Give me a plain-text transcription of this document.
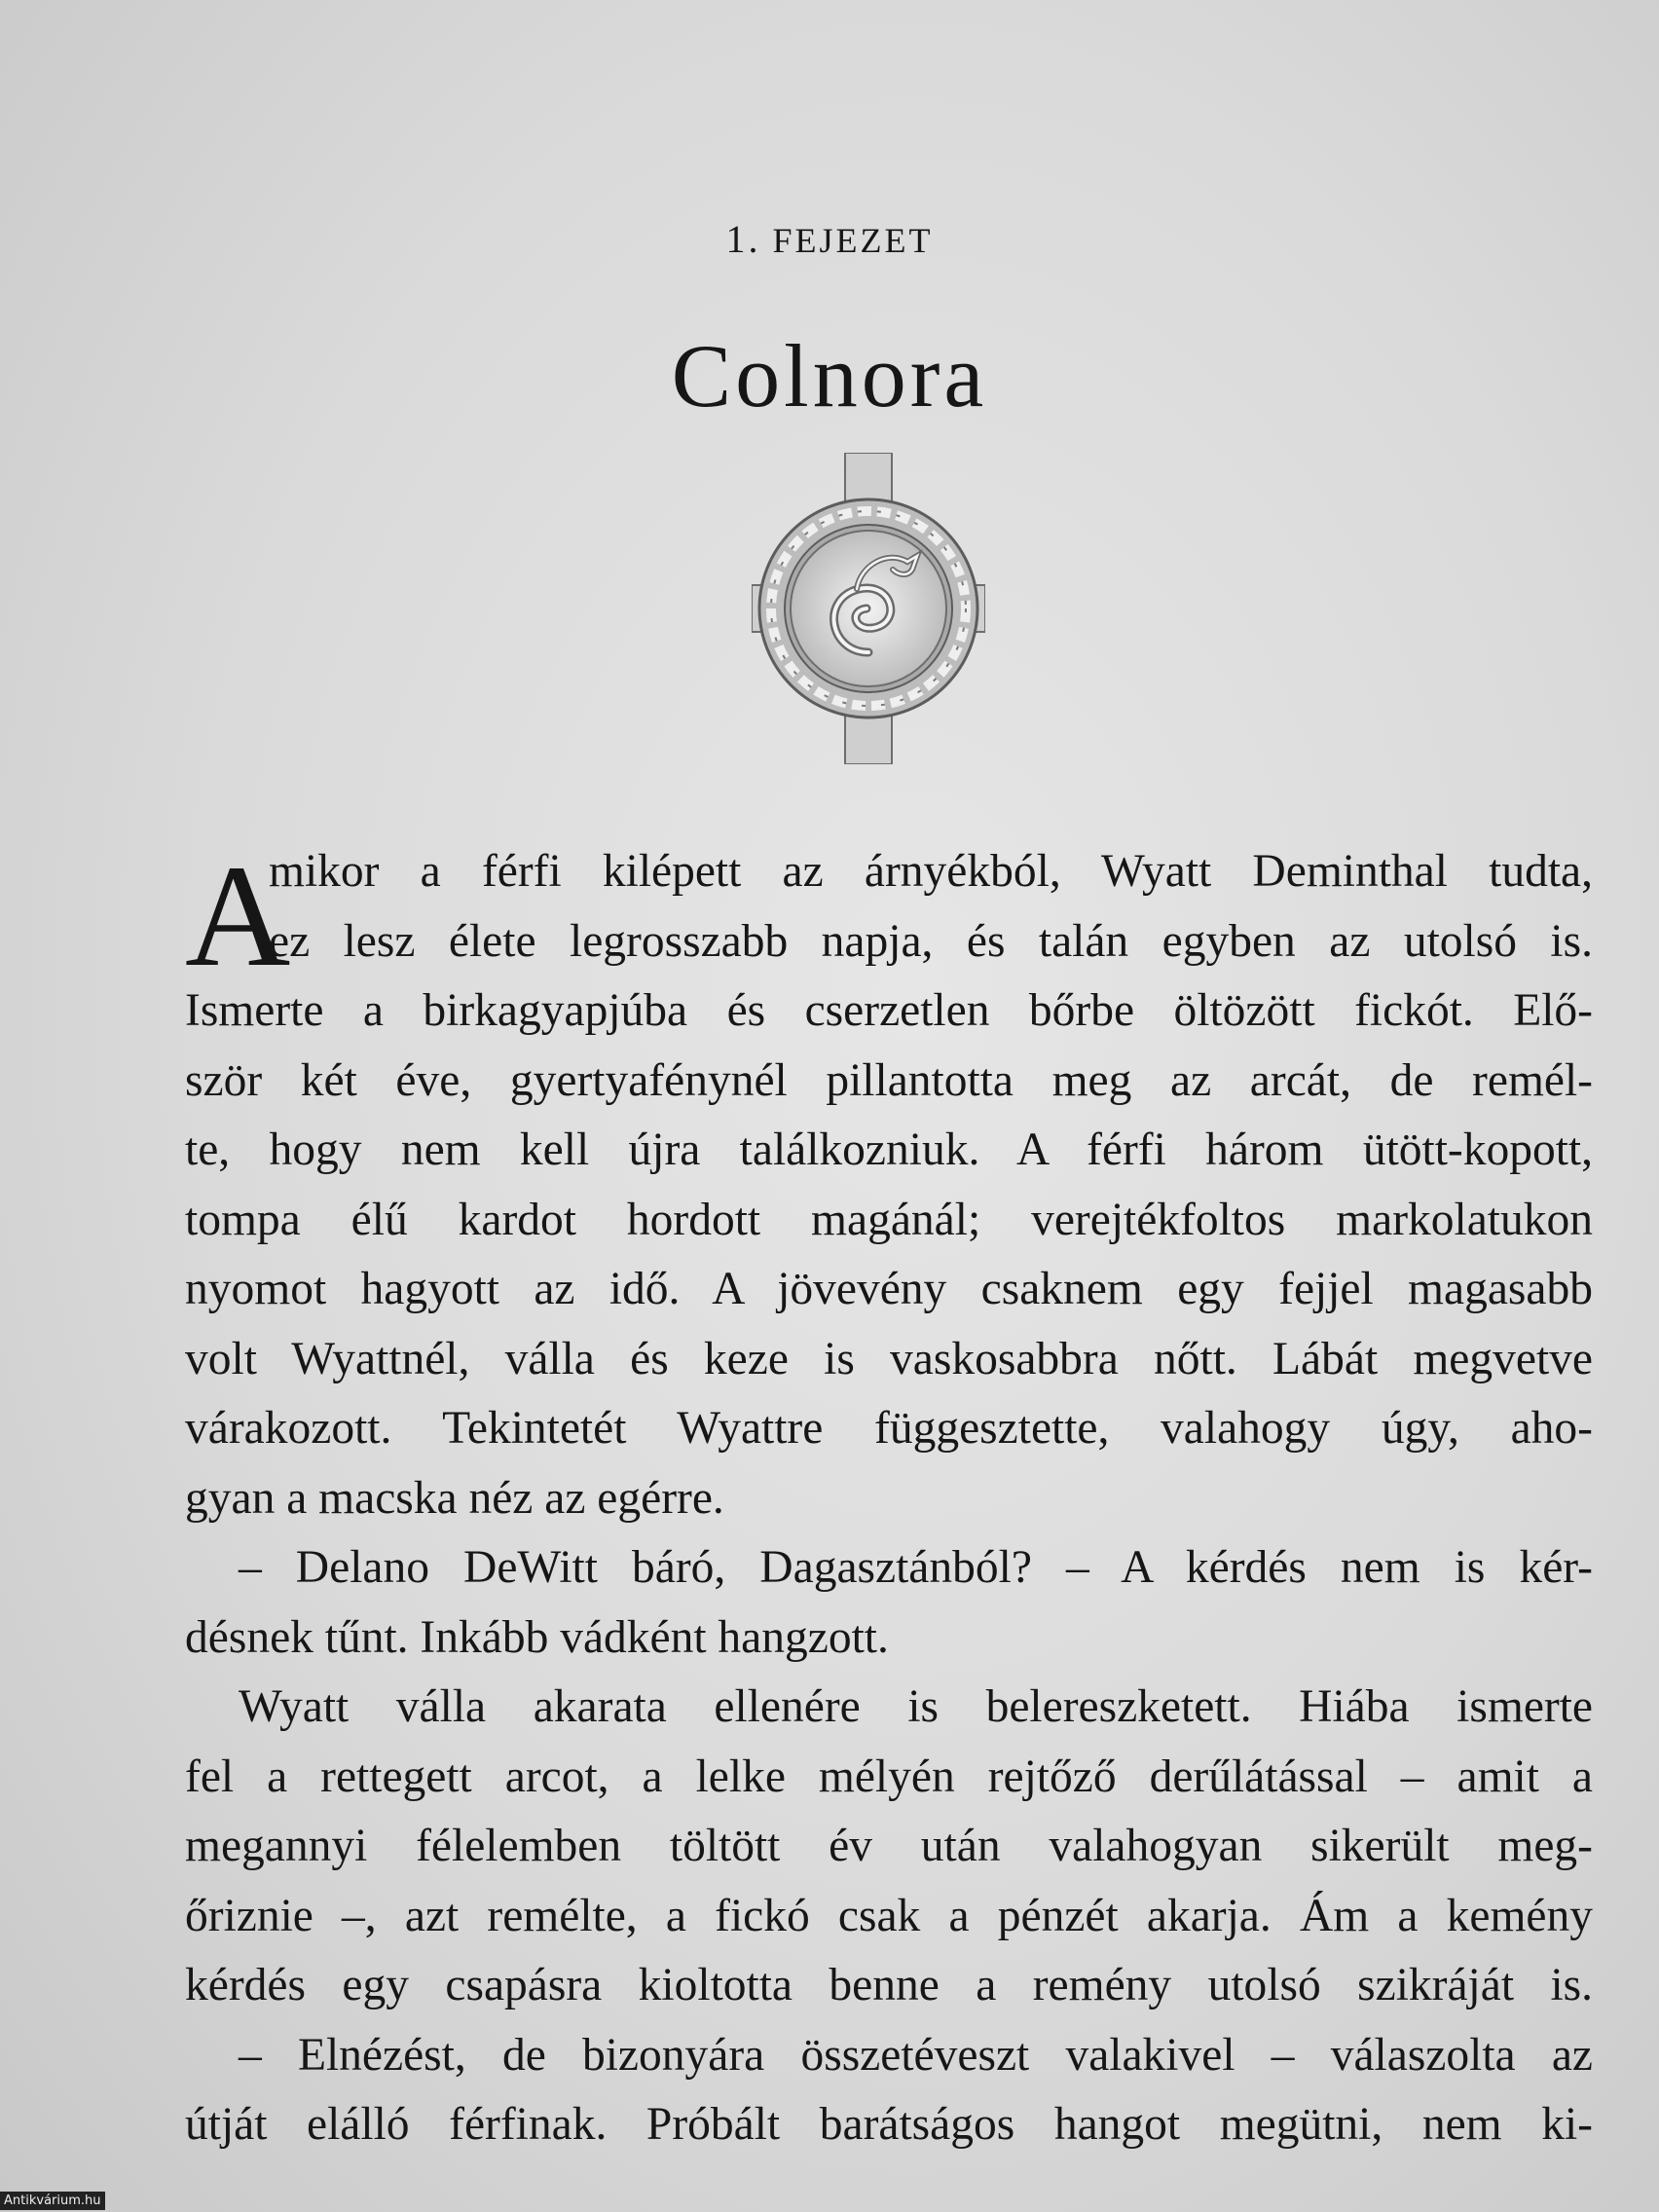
1. FEJEZET
Colnora
A
mikor a férfi kilépett az árnyékból, Wyatt Deminthal tudta,
ez lesz élete legrosszabb napja, és talán egyben az utolsó is.
Ismerte a birkagyapjúba és cserzetlen bőrbe öltözött fickót. Elő-
ször két éve, gyertyafénynél pillantotta meg az arcát, de remél-
te, hogy nem kell újra találkozniuk. A férfi három ütött-kopott,
tompa élű kardot hordott magánál; verejtékfoltos markolatukon
nyomot hagyott az idő. A jövevény csaknem egy fejjel magasabb
volt Wyattnél, válla és keze is vaskosabbra nőtt. Lábát megvetve
várakozott. Tekintetét Wyattre függesztette, valahogy úgy, aho-
gyan a macska néz az egérre.
– Delano DeWitt báró, Dagasztánból? – A kérdés nem is kér-
désnek tűnt. Inkább vádként hangzott.
Wyatt válla akarata ellenére is belereszketett. Hiába ismerte
fel a rettegett arcot, a lelke mélyén rejtőző derűlátással – amit a
megannyi félelemben töltött év után valahogyan sikerült meg-
őriznie –, azt remélte, a fickó csak a pénzét akarja. Ám a kemény
kérdés egy csapásra kioltotta benne a remény utolsó szikráját is.
– Elnézést, de bizonyára összetéveszt valakivel – válaszolta az
útját elálló férfinak. Próbált barátságos hangot megütni, nem ki-
Antikvárium.hu
